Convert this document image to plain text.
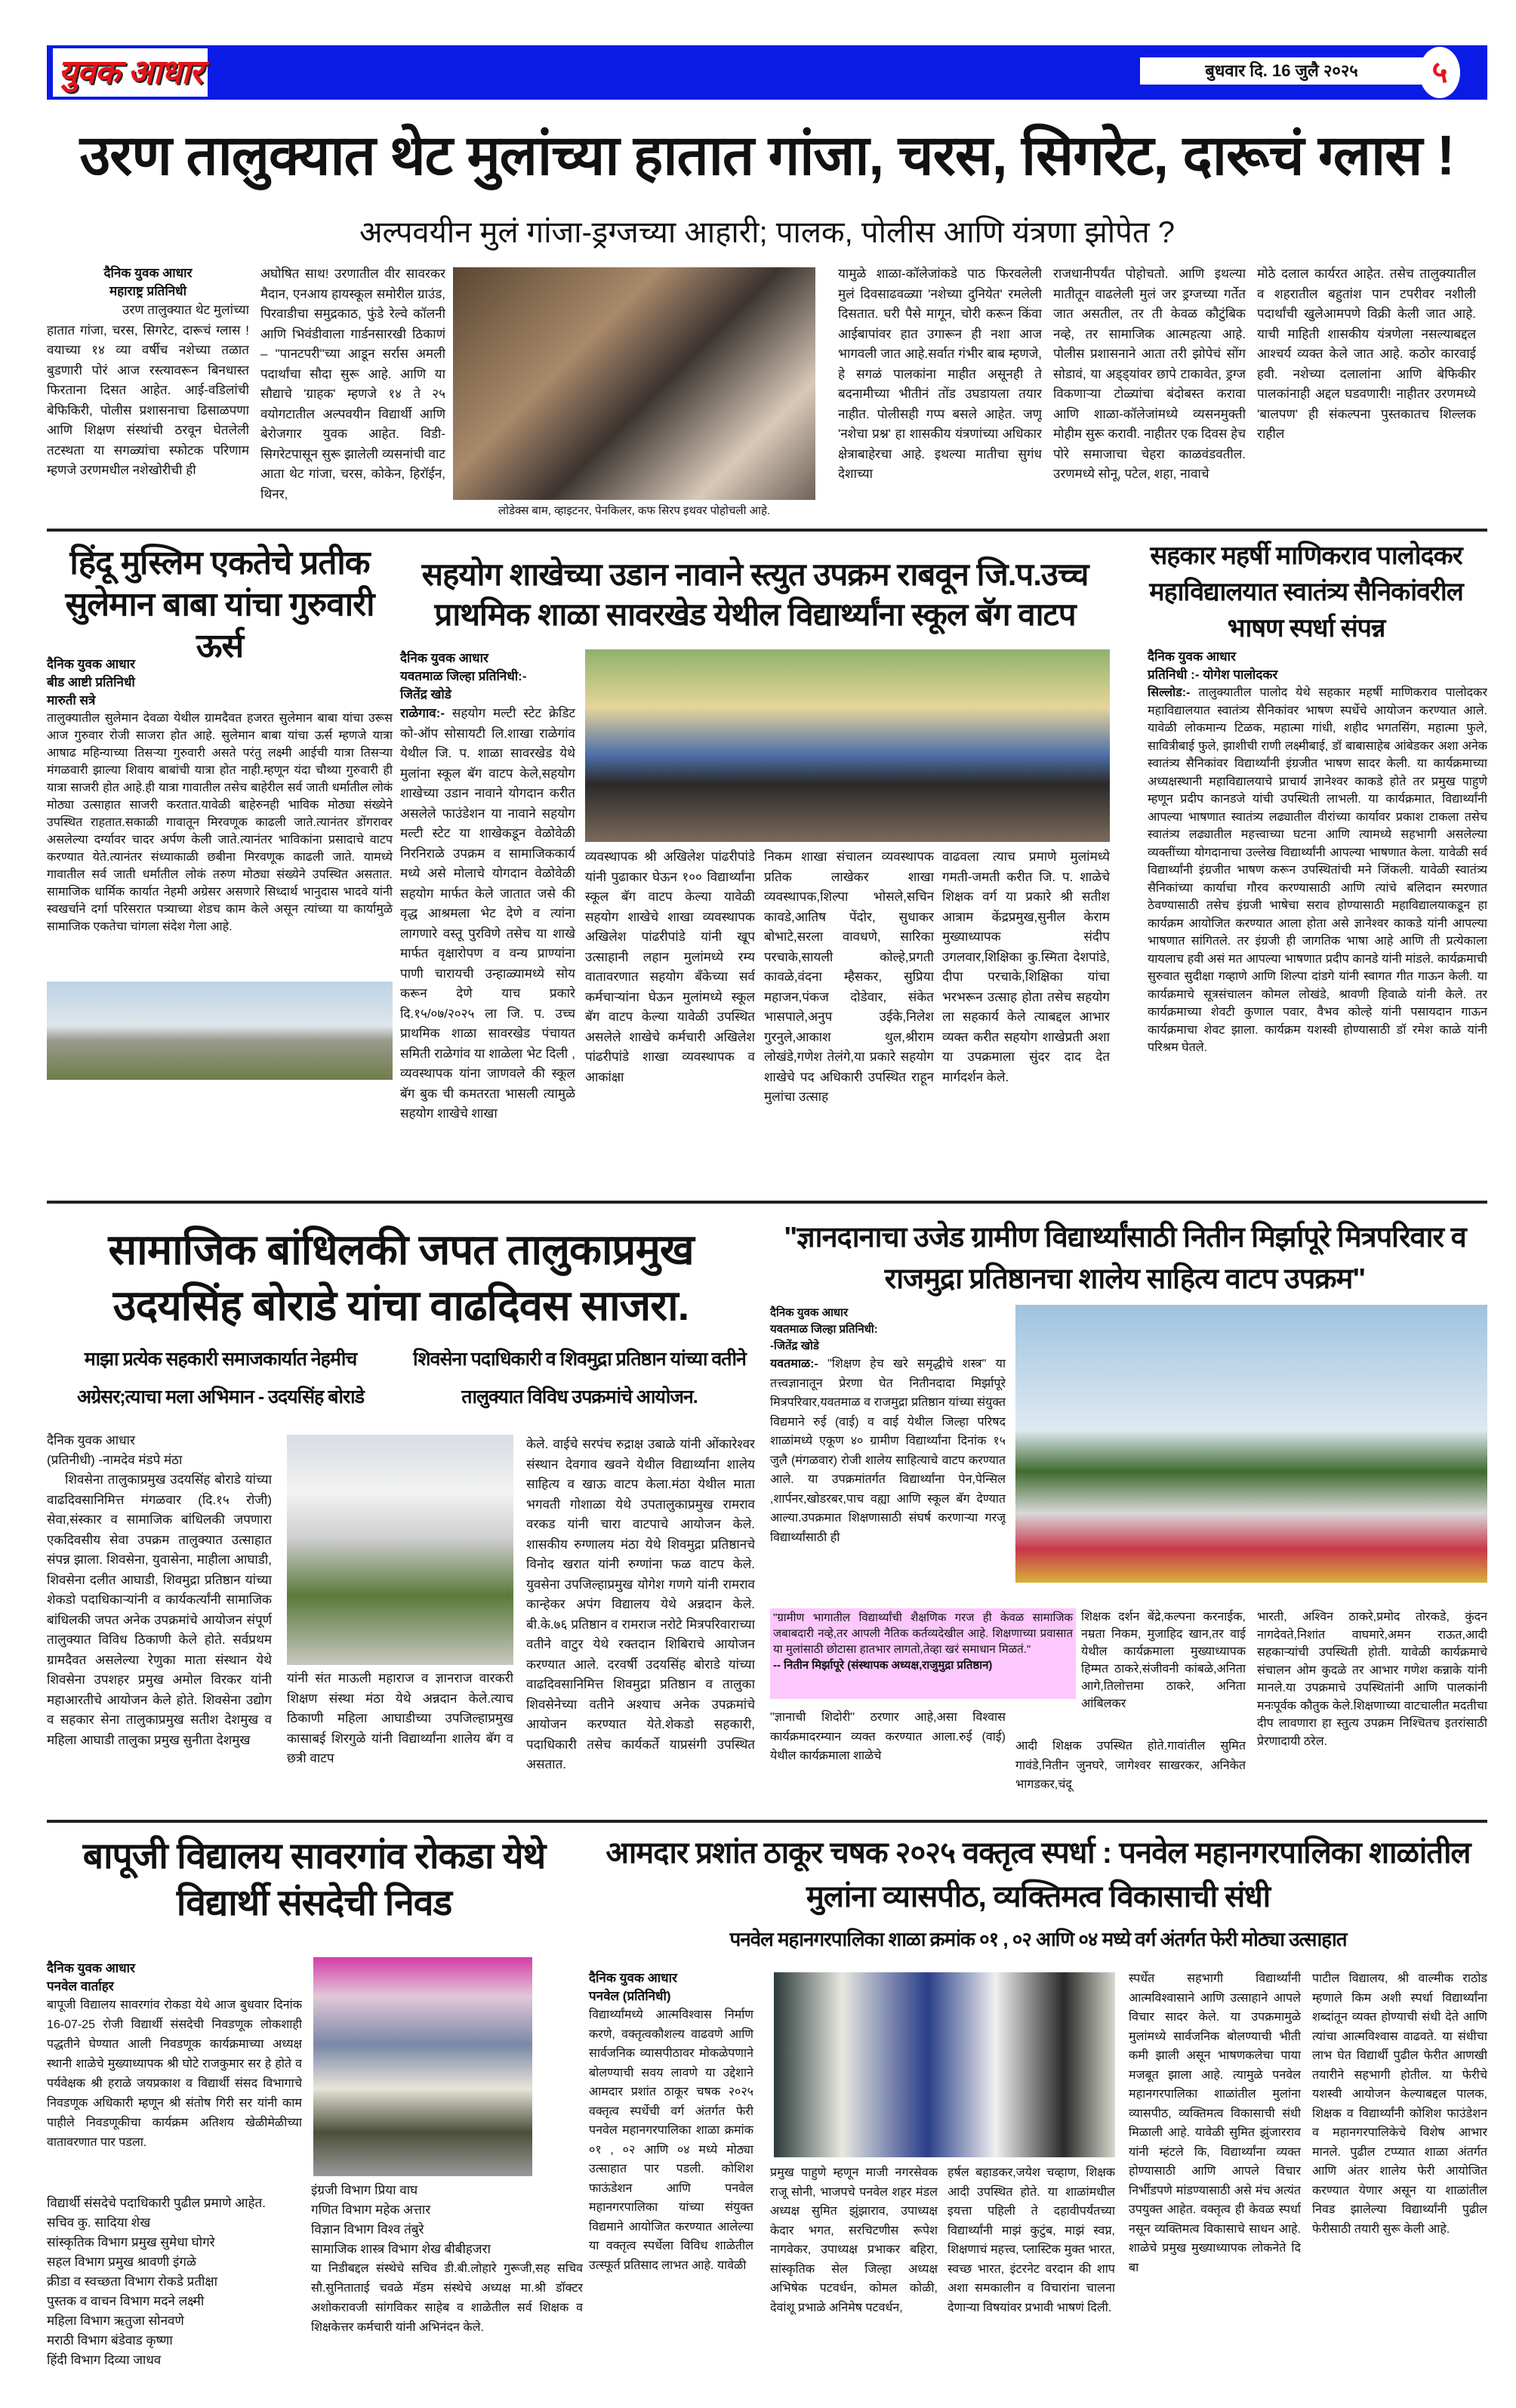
युवक आधार	बुधवार दि. 16 जुलै २०२५	५
उरण तालुक्यात थेट मुलांच्या हातात गांजा, चरस, सिगरेट, दारूचं ग्लास !
अल्पवयीन मुलं गांजा-ड्रग्जच्या आहारी; पालक, पोलीस आणि यंत्रणा झोपेत ?
दैनिक युवक आधार
महाराष्ट्र प्रतिनिधी
उरण तालुक्यात थेट मुलांच्या हातात गांजा, चरस, सिगरेट, दारूचं ग्लास ! वयाच्या १४ व्या वर्षीच नशेच्या तळात बुडणारी पोरं आज रस्त्यावरून बिनधास्त फिरताना दिसत आहेत. आई-वडिलांची बेफिकिरी, पोलीस प्रशासनाचा ढिसाळपणा आणि शिक्षण संस्थांची ठरवून घेतलेली तटस्थता या सगळ्यांचा स्फोटक परिणाम म्हणजे उरणमधील नशेखोरीची ही
अघोषित साथ! उरणातील वीर सावरकर मैदान, एनआय हायस्कूल समोरील ग्राउंड, पिरवाडीचा समुद्रकाठ, फुंडे रेल्वे कॉलनी आणि भिवंडीवाला गार्डनसारखी ठिकाणं – "पानटपरी"च्या आडून सर्रास अमली पदार्थांचा सौदा सुरू आहे. आणि या सौद्याचे 'ग्राहक' म्हणजे १४ ते २५ वयोगटातील अल्पवयीन विद्यार्थी आणि बेरोजगार युवक आहेत. विडी-सिगरेटपासून सुरू झालेली व्यसनांची वाट आता थेट गांजा, चरस, कोकेन, हिरॉईन, थिनर,
लोडेक्स बाम, व्हाइटनर, पेनकिलर, कफ सिरप इथवर पोहोचली आहे.
यामुळे शाळा-कॉलेजांकडे पाठ फिरवलेली मुलं दिवसाढवळ्या 'नशेच्या दुनियेत' रमलेली दिसतात. घरी पैसे मागून, चोरी करून किंवा आईबापांवर हात उगारून ही नशा आज भागवली जात आहे.सर्वात गंभीर बाब म्हणजे, हे सगळं पालकांना माहीत असूनही ते बदनामीच्या भीतीनं तोंड उघडायला तयार नाहीत. पोलीसही गप्प बसले आहेत. जणू 'नशेचा प्रश्न' हा शासकीय यंत्रणांच्या अधिकार क्षेत्राबाहेरचा आहे. इथल्या मातीचा सुगंध देशाच्या
राजधानीपर्यंत पोहोचतो. आणि इथल्या मातीतून वाढलेली मुलं जर ड्रग्जच्या गर्तेत जात असतील, तर ती केवळ कौटुंबिक नव्हे, तर सामाजिक आत्महत्या आहे. पोलीस प्रशासनाने आता तरी झोपेचं सोंग सोडावं, या अड्ड्यांवर छापे टाकावेत, ड्रग्ज विकणाऱ्या टोळ्यांचा बंदोबस्त करावा आणि शाळा-कॉलेजांमध्ये व्यसनमुक्ती मोहीम सुरू करावी. नाहीतर एक दिवस हेच पोरे समाजाचा चेहरा काळवंडवतील. उरणमध्ये सोनू, पटेल, शहा, नावाचे
मोठे दलाल कार्यरत आहेत. तसेच तालुक्यातील व शहरातील बहुतांश पान टपरीवर नशीली पदार्थांची खुलेआमपणे विक्री केली जात आहे. याची माहिती शासकीय यंत्रणेला नसल्याबद्दल आश्चर्य व्यक्त केले जात आहे. कठोर कारवाई हवी. नशेच्या दलालांना आणि बेफिकीर पालकांनाही अद्दल घडवणारी! नाहीतर उरणमध्ये 'बालपण' ही संकल्पना पुस्तकातच शिल्लक राहील
हिंदू मुस्लिम एकतेचे प्रतीक सुलेमान बाबा यांचा गुरुवारी ऊर्स
दैनिक युवक आधार
बीड आष्टी प्रतिनिधी
मारुती सत्रे
तालुक्यातील सुलेमान देवळा येथील ग्रामदैवत हजरत सुलेमान बाबा यांचा उरूस आज गुरुवार रोजी साजरा होत आहे. सुलेमान बाबा यांचा ऊर्स म्हणजे यात्रा आषाढ महिन्याच्या तिसऱ्या गुरुवारी असते परंतु लक्ष्मी आईची यात्रा तिसऱ्या मंगळवारी झाल्या शिवाय बाबांची यात्रा होत नाही.म्हणून यंदा चौथ्या गुरुवारी ही यात्रा साजरी होत आहे.ही यात्रा गावातील तसेच बाहेरील सर्व जाती धर्मातील लोकं मोठ्या उत्साहात साजरी करतात.यावेळी बाहेरुनही भाविक मोठ्या संख्येने उपस्थित राहतात.सकाळी गावातून मिरवणूक काढली जाते.त्यानंतर डोंगरावर असलेल्या दर्ग्यावर चादर अर्पण केली जाते.त्यानंतर भाविकांना प्रसादाचे वाटप करण्यात येते.त्यानंतर संध्याकाळी छबीना मिरवणूक काढली जाते. यामध्ये गावातील सर्व जाती धर्मातील लोकं तरुण मोठ्या संख्येने उपस्थित असतात. सामाजिक धार्मिक कार्यात नेहमी अग्रेसर असणारे सिध्दार्थ भानुदास भादवे यांनी स्वखर्चाने दर्गा परिसरात पत्र्याच्या शेडच काम केले असून त्यांच्या या कार्यामुळे सामाजिक एकतेचा चांगला संदेश गेला आहे.
सहयोग शाखेच्या उडान नावाने स्त्युत उपक्रम राबवून जि.प.उच्च प्राथमिक शाळा सावरखेड येथील विद्यार्थ्यांना स्कूल बॅग वाटप
दैनिक युवक आधार
यवतमाळ जिल्हा प्रतिनिधी:-
जितेंद्र खोडे
राळेगाव:- सहयोग मल्टी स्टेट क्रेडिट को-ऑप सोसायटी लि.शाखा राळेगांव येथील जि. प. शाळा सावरखेड येथे मुलांना स्कूल बॅग वाटप केले,सहयोग शाखेच्या उडान नावाने योगदान करीत असलेले फाउंडेशन या नावाने सहयोग मल्टी स्टेट या शाखेकडून वेळोवेळी निरनिराळे उपक्रम व सामाजिककार्य मध्ये असे मोलाचे योगदान वेळोवेळी सहयोग मार्फत केले जातात जसे की वृद्ध आश्रमला भेट देणे व त्यांना लागणारे वस्तू पुरविणे तसेच या शाखे मार्फत वृक्षारोपण व वन्य प्राण्यांना पाणी चारायची उन्हाळ्यामध्ये सोय करून देणे याच प्रकारे दि.१५/०७/२०२५ ला जि. प. उच्च प्राथमिक शाळा सावरखेड पंचायत समिती राळेगांव या शाळेला भेट दिली , व्यवस्थापक यांना जाणवले की स्कूल बॅग बुक ची कमतरता भासली त्यामुळे सहयोग शाखेचे शाखा
व्यवस्थापक श्री अखिलेश पांढरीपांडे यांनी पुढाकार घेऊन १०० विद्यार्थ्यांना स्कूल बॅग वाटप केल्या यावेळी सहयोग शाखेचे शाखा व्यवस्थापक अखिलेश पांढरीपांडे यांनी खूप उत्साहानी लहान मुलांमध्ये रम्य वातावरणात सहयोग बॅंकेच्या सर्व कर्मचाऱ्यांना घेऊन मुलांमध्ये स्कूल बॅग वाटप केल्या यावेळी उपस्थित असलेले शाखेचे कर्मचारी अखिलेश पांढरीपांडे शाखा व्यवस्थापक व आकांक्षा
निकम शाखा संचालन व्यवस्थापक प्रतिक लाखेकर शाखा व्यवस्थापक,शिल्पा भोसले,सचिन कावडे,आतिष पेंदोर, सुधाकर बोभाटे,सरला वावधणे, सारिका परचाके,सायली कोल्हे,प्रगती कावळे,वंदना म्हैसकर, सुप्रिया महाजन,पंकज दोडेवार, संकेत भासपाले,अनुप उईके,निलेश गुरनुले,आकाश थुल,श्रीराम लोखंडे,गणेश तेलंगे,या प्रकारे सहयोग शाखेचे पद अधिकारी उपस्थित राहून मुलांचा उत्साह
वाढवला त्याच प्रमाणे मुलांमध्ये गमती-जमती करीत जि. प. शाळेचे शिक्षक वर्ग या प्रकारे श्री सतीश आत्राम केंद्रप्रमुख,सुनील केराम मुख्याध्यापक संदीप उगलवार,शिक्षिका कु.स्मिता देशपांडे, दीपा परचाके,शिक्षिका यांचा भरभरून उत्साह होता तसेच सहयोग ला सहकार्य केले त्याबद्दल आभार व्यक्त करीत सहयोग शाखेप्रती अशा या उपक्रमाला सुंदर दाद देत मार्गदर्शन केले.
सहकार महर्षी माणिकराव पालोदकर महाविद्यालयात स्वातंत्र्य सैनिकांवरील भाषण स्पर्धा संपन्न
दैनिक युवक आधार
प्रतिनिधी :- योगेश पालोदकर
सिल्लोड:- तालुक्यातील पालोद येथे सहकार महर्षी माणिकराव पालोदकर महाविद्यालयात स्वातंत्र्य सैनिकांवर भाषण स्पर्धेचे आयोजन करण्यात आले. यावेळी लोकमान्य टिळक, महात्मा गांधी, शहीद भगतसिंग, महात्मा फुले, सावित्रीबाई फुले, झाशीची राणी लक्ष्मीबाई, डॉ बाबासाहेब आंबेडकर अशा अनेक स्वातंत्र्य सैनिकांवर विद्यार्थ्यांनी इंग्रजीत भाषण सादर केली. या कार्यक्रमाच्या अध्यक्षस्थानी महाविद्यालयाचे प्राचार्य ज्ञानेश्वर काकडे होते तर प्रमुख पाहुणे म्हणून प्रदीप कानडजे यांची उपस्थिती लाभली. या कार्यक्रमात, विद्यार्थ्यांनी आपल्या भाषणात स्वातंत्र्य लढ्यातील वीरांच्या कार्यावर प्रकाश टाकला तसेच स्वातंत्र्य लढ्यातील महत्त्वाच्या घटना आणि त्यामध्ये सहभागी असलेल्या व्यक्तींच्या योगदानाचा उल्लेख विद्यार्थ्यांनी आपल्या भाषणात केला. यावेळी सर्व विद्यार्थ्यांनी इंग्रजीत भाषण करून उपस्थितांची मने जिंकली. यावेळी स्वातंत्र्य सैनिकांच्या कार्याचा गौरव करण्यासाठी आणि त्यांचे बलिदान स्मरणात ठेवण्यासाठी तसेच इंग्रजी भाषेचा सराव होण्यासाठी महाविद्यालयाकडून हा कार्यक्रम आयोजित करण्यात आला होता असे ज्ञानेश्वर काकडे यांनी आपल्या भाषणात सांगितले. तर इंग्रजी ही जागतिक भाषा आहे आणि ती प्रत्येकाला यायलाच हवी असं मत आपल्या भाषणात प्रदीप कानडे यांनी मांडले. कार्यक्रमाची सुरुवात सुदीक्षा गव्हाणे आणि शिल्पा दांडगे यांनी स्वागत गीत गाऊन केली. या कार्यक्रमाचे सूत्रसंचालन कोमल लोखंडे, श्रावणी हिवाळे यांनी केले. तर कार्यक्रमाच्या शेवटी कुणाल पवार, वैभव कोल्हे यांनी पसायदान गाऊन कार्यक्रमाचा शेवट झाला. कार्यक्रम यशस्वी होण्यासाठी डॉ रमेश काळे यांनी परिश्रम घेतले.
सामाजिक बांधिलकी जपत तालुकाप्रमुख उदयसिंह बोराडे यांचा वाढदिवस साजरा.
माझा प्रत्येक सहकारी समाजकार्यात नेहमीच अग्रेसर;त्याचा मला अभिमान - उदयसिंह बोराडे
शिवसेना पदाधिकारी व शिवमुद्रा प्रतिष्ठान यांच्या वतीने तालुक्यात विविध उपक्रमांचे आयोजन.
दैनिक युवक आधार
(प्रतिनीधी) -नामदेव मंडपे मंठा
शिवसेना तालुकाप्रमुख उदयसिंह बोराडे यांच्या वाढदिवसानिमित्त मंगळवार (दि.१५ रोजी) सेवा,संस्कार व सामाजिक बांधिलकी जपणारा एकदिवसीय सेवा उपक्रम तालुक्यात उत्साहात संपन्न झाला. शिवसेना, युवासेना, माहीला आघाडी, शिवसेना दलीत आघाडी, शिवमुद्रा प्रतिष्ठान यांच्या शेकडो पदाधिकाऱ्यांनी व कार्यकर्त्यांनी सामाजिक बांधिलकी जपत अनेक उपक्रमांचे आयोजन संपूर्ण तालुक्यात विविध ठिकाणी केले होते. सर्वप्रथम ग्रामदैवत असलेल्या रेणुका माता संस्थान येथे शिवसेना उपशहर प्रमुख अमोल विरकर यांनी महाआरतीचे आयोजन केले होते. शिवसेना उद्योग व सहकार सेना तालुकाप्रमुख सतीश देशमुख व महिला आघाडी तालुका प्रमुख सुनीता देशमुख
यांनी संत माऊली महाराज व ज्ञानराज वारकरी शिक्षण संस्था मंठा येथे अन्नदान केले.त्याच ठिकाणी महिला आघाडीच्या उपजिल्हाप्रमुख कासाबई शिरगुळे यांनी विद्यार्थ्यांना शालेय बॅग व छत्री वाटप
केले. वाईचे सरपंच रुद्राक्ष उबाळे यांनी ओंकारेश्वर संस्थान देवगाव खवने येथील विद्यार्थ्यांना शालेय साहित्य व खाऊ वाटप केला.मंठा येथील माता भगवती गोशाळा येथे उपतालुकाप्रमुख रामराव वरकड यांनी चारा वाटपाचे आयोजन केले. शासकीय रुग्णालय मंठा येथे शिवमुद्रा प्रतिष्ठानचे विनोद खरात यांनी रुग्णांना फळ वाटप केले. युवसेना उपजिल्हाप्रमुख योगेश गणगे यांनी रामराव कान्हेकर अपंग विद्यालय येथे अन्नदान केले. बी.के.७६ प्रतिष्ठान व रामराज नरोटे मित्रपरिवाराच्या वतीने वाटुर येथे रक्तदान शिबिराचे आयोजन करण्यात आले. दरवर्षी उदयसिंह बोराडे यांच्या वाढदिवसानिमित्त शिवमुद्रा प्रतिष्ठान व तालुका शिवसेनेच्या वतीने अश्याच अनेक उपक्रमांचे आयोजन करण्यात येते.शेकडो सहकारी, पदाधिकारी तसेच कार्यकर्ते याप्रसंगी उपस्थित असतात.
"ज्ञानदानाचा उजेड ग्रामीण विद्यार्थ्यांसाठी नितीन मिर्झापूरे मित्रपरिवार व राजमुद्रा प्रतिष्ठानचा शालेय साहित्य वाटप उपक्रम"
दैनिक युवक आधार
यवतमाळ जिल्हा प्रतिनिधी:
-जितेंद्र खोडे
यवतमाळ:- "शिक्षण हेच खरे समृद्धीचे शस्त्र" या तत्त्वज्ञानातून प्रेरणा घेत नितीनदादा मिर्झापूरे मित्रपरिवार,यवतमाळ व राजमुद्रा प्रतिष्ठान यांच्या संयुक्त विद्यमाने रुई (वाई) व वाई येथील जिल्हा परिषद शाळांमध्ये एकूण ४० ग्रामीण विद्यार्थ्यांना दिनांक १५ जुलै (मंगळवार) रोजी शालेय साहित्याचे वाटप करण्यात आले. या उपक्रमांतर्गत विद्यार्थ्यांना पेन,पेन्सिल ,शार्पनर,खोडरबर,पाच वह्या आणि स्कूल बॅग देण्यात आल्या.उपक्रमात शिक्षणासाठी संघर्ष करणाऱ्या गरजू विद्यार्थ्यांसाठी ही
"ग्रामीण भागातील विद्यार्थ्यांची शैक्षणिक गरज ही केवळ सामाजिक जबाबदारी नव्हे,तर आपली नैतिक कर्तव्यदेखील आहे. शिक्षणाच्या प्रवासात या मुलांसाठी छोटासा हातभार लागतो,तेव्हा खरं समाधान मिळतं."
-- नितीन मिर्झापूरे (संस्थापक अध्यक्ष,राजुमुद्रा प्रतिष्ठान)
"ज्ञानाची शिदोरी" ठरणार आहे,असा विश्वास कार्यक्रमादरम्यान व्यक्त करण्यात आला.रुई (वाई) येथील कार्यक्रमाला शाळेचे
शिक्षक दर्शन बेंद्रे,कल्पना करनाईक, नम्रता निकम, मुजाहिद खान,तर वाई येथील कार्यक्रमाला मुख्याध्यापक हिम्मत ठाकरे,संजीवनी कांबळे,अनिता आगे,तिलोत्तमा ठाकरे, अनिता आंबिलकर
आदी शिक्षक उपस्थित होते.गावांतील सुमित गावंडे,नितीन जुनघरे, जागेश्वर साखरकर, अनिकेत भागडकर,चंदू
भारती, अश्विन ठाकरे,प्रमोद तोरकडे, कुंदन नागदेवते,निशांत वाघमारे,अमन राऊत,आदी सहकाऱ्यांची उपस्थिती होती. यावेळी कार्यक्रमाचे संचालन ओम कुदळे तर आभार गणेश कन्नाके यांनी मानले.या उपक्रमाचे उपस्थितांनी आणि पालकांनी मनःपूर्वक कौतुक केले.शिक्षणाच्या वाटचालीत मदतीचा दीप लावणारा हा स्तुत्य उपक्रम निश्चितच इतरांसाठी प्रेरणादायी ठरेल.
बापूजी विद्यालय सावरगांव रोकडा येथे विद्यार्थी संसदेची निवड
दैनिक युवक आधार
पनवेल वार्ताहर
बापूजी विद्यालय सावरगांव रोकडा येथे आज बुधवार दिनांक 16-07-25 रोजी विद्यार्थी संसदेची निवडणूक लोकशाही पद्धतीने घेण्यात आली निवडणूक कार्यक्रमाच्या अध्यक्ष स्थानी शाळेचे मुख्याध्यापक श्री घोटे राजकुमार सर हे होते व पर्यवेक्षक श्री हराळे जयप्रकाश व विद्यार्थी संसद विभागाचे निवडणूक अधिकारी म्हणून श्री संतोष गिरी सर यांनी काम पाहीले निवडणूकीचा कार्यक्रम अतिशय खेळीमेळीच्या वातावरणात पार पडला.
विद्यार्थी संसदेचे पदाधिकारी पुढील प्रमाणे आहेत.
सचिव कु. सादिया शेख
सांस्कृतिक विभाग प्रमुख सुमेधा घोगरे
सहल विभाग प्रमुख श्रावणी इंगळे
क्रीडा व स्वच्छता विभाग रोकडे प्रतीक्षा
पुस्तक व वाचन विभाग मदने लक्ष्मी
महिला विभाग ऋतुजा सोनवणे
मराठी विभाग बंडेवाड कृष्णा
हिंदी विभाग दिव्या जाधव
इंग्रजी विभाग प्रिया वाघ
गणित विभाग महेक अत्तार
विज्ञान विभाग विश्व तंबुरे
सामाजिक शास्त्र विभाग शेख बीबीहजरा
या निडीबद्दल संस्थेचे सचिव डी.बी.लोहारे गुरूजी,सह सचिव सौ.सुनिताताई चवळे मॅडम संस्थेचे अध्यक्ष मा.श्री डॉक्टर अशोकरावजी सांगविकर साहेब व शाळेतील सर्व शिक्षक व शिक्षकेत्तर कर्मचारी यांनी अभिनंदन केले.
आमदार प्रशांत ठाकूर चषक २०२५ वक्तृत्व स्पर्धा : पनवेल महानगरपालिका शाळांतील मुलांना व्यासपीठ, व्यक्तिमत्व विकासाची संधी
पनवेल महानगरपालिका शाळा क्रमांक ०१ , ०२ आणि ०४ मध्ये वर्ग अंतर्गत फेरी मोठ्या उत्साहात
दैनिक युवक आधार
पनवेल (प्रतिनिधी)
विद्यार्थ्यांमध्ये आत्मविश्वास निर्माण करणे, वक्तृत्वकौशल्य वाढवणे आणि सार्वजनिक व्यासपीठावर मोकळेपणाने बोलण्याची सवय लावणे या उद्देशाने आमदार प्रशांत ठाकूर चषक २०२५ वक्तृत्व स्पर्धेची वर्ग अंतर्गत फेरी पनवेल महानगरपालिका शाळा क्रमांक ०१ , ०२ आणि ०४ मध्ये मोठ्या उत्साहात पार पडली. कोशिश फाऊंडेशन आणि पनवेल महानगरपालिका यांच्या संयुक्त विद्यमाने आयोजित करण्यात आलेल्या या वक्तृत्व स्पर्धेला विविध शाळेतील उत्स्फूर्त प्रतिसाद लाभत आहे. यावेळी
प्रमुख पाहुणे म्हणून माजी नगरसेवक राजू सोनी, भाजपचे पनवेल शहर मंडल अध्यक्ष सुमित झुंझाराव, उपाध्यक्ष केदार भगत, सरचिटणीस रूपेश नागवेकर, उपाध्यक्ष प्रभाकर बहिरा, सांस्कृतिक सेल जिल्हा अध्यक्ष अभिषेक पटवर्धन, कोमल कोळी, देवांशू प्रभाळे अनिमेष पटवर्धन,
हर्षल बहाडकर,जयेश चव्हाण, शिक्षक आदी उपस्थित होते. या शाळांमधील इयत्ता पहिली ते दहावीपर्यंतच्या विद्यार्थ्यांनी माझं कुटुंब, माझं स्वप्न, शिक्षणाचं महत्त्व, प्लास्टिक मुक्त भारत, स्वच्छ भारत, इंटरनेट वरदान की शाप अशा समकालीन व विचारांना चालना देणाऱ्या विषयांवर प्रभावी भाषणं दिली.
स्पर्धेत सहभागी विद्यार्थ्यांनी आत्मविश्वासाने आणि उत्साहाने आपले विचार सादर केले. या उपक्रमामुळे मुलांमध्ये सार्वजनिक बोलण्याची भीती कमी झाली असून भाषणकलेचा पाया मजबूत झाला आहे. त्यामुळे पनवेल महानगरपालिका शाळांतील मुलांना व्यासपीठ, व्यक्तिमत्व विकासाची संधी मिळाली आहे. यावेळी सुमित झुंजारराव यांनी म्हंटले कि, विद्यार्थ्यांना व्यक्त होण्यासाठी आणि आपले विचार निर्भीडपणे मांडण्यासाठी असे मंच अत्यंत उपयुक्त आहेत. वक्तृत्व ही केवळ स्पर्धा नसून व्यक्तिमत्व विकासाचे साधन आहे. शाळेचे प्रमुख मुख्याध्यापक लोकनेते दि बा
पाटील विद्यालय, श्री वाल्मीक राठोड म्हणाले किम अशी स्पर्धा विद्यार्थ्यांना शब्दांतून व्यक्त होण्याची संधी देते आणि त्यांचा आत्मविश्वास वाढवते. या संधीचा लाभ घेत विद्यार्थी पुढील फेरीत आणखी तयारीने सहभागी होतील. या फेरीचे यशस्वी आयोजन केल्याबद्दल पालक, शिक्षक व विद्यार्थ्यांनी कोशिश फाउंडेशन व महानगरपालिकेचे विशेष आभार मानले. पुढील टप्प्यात शाळा अंतर्गत आणि अंतर शालेय फेरी आयोजित करण्यात येणार असून या शाळांतील निवड झालेल्या विद्यार्थ्यांनी पुढील फेरीसाठी तयारी सुरू केली आहे.
